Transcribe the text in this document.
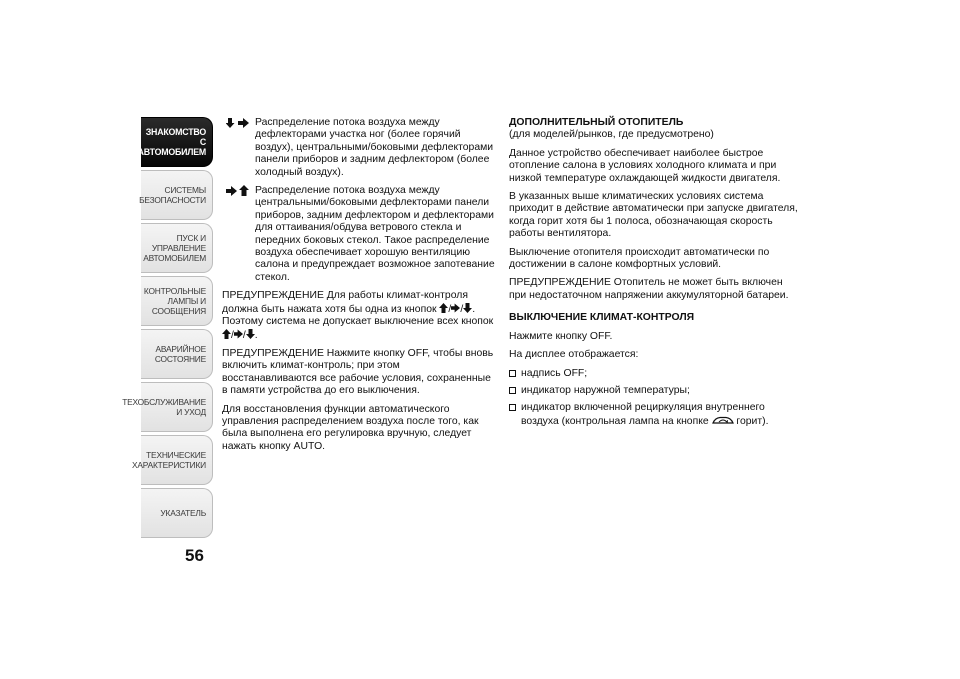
ЗНАКОМСТВО С
АВТОМОБИЛЕМ
СИСТЕМЫ
БЕЗОПАСНОСТИ
ПУСК И УПРАВЛЕНИЕ
АВТОМОБИЛЕМ
КОНТРОЛЬНЫЕ
ЛАМПЫ И
СООБЩЕНИЯ
АВАРИЙНОЕ
СОСТОЯНИЕ
ТЕХОБСЛУЖИВАНИЕ
И УХОД
ТЕХНИЧЕСКИЕ
ХАРАКТЕРИСТИКИ
УКАЗАТЕЛЬ
56
Распределение потока воздуха между дефлекторами участка ног (более горячий воздух), центральными/боковыми дефлекторами панели приборов и задним дефлектором (более холодный воздух).
Распределение потока воздуха между центральными/боковыми дефлекторами панели приборов, задним дефлектором и дефлекторами для оттаивания/обдува ветрового стекла и передних боковых стекол. Такое распределение воздуха обеспечивает хорошую вентиляцию салона и предупреждает возможное запотевание стекол.

ПРЕДУПРЕЖДЕНИЕ Для работы климат-контроля должна быть нажата хотя бы одна из кнопок / / . Поэтому система не допускает выключение всех кнопок / / .

ПРЕДУПРЕЖДЕНИЕ Нажмите кнопку OFF, чтобы вновь включить климат-контроль; при этом восстанавливаются все рабочие условия, сохраненные в памяти устройства до его выключения.

Для восстановления функции автоматического управления распределением воздуха после того, как была выполнена его регулировка вручную, следует нажать кнопку AUTO.

ДОПОЛНИТЕЛЬНЫЙ ОТОПИТЕЛЬ

(для моделей/рынков, где предусмотрено)

Данное устройство обеспечивает наиболее быстрое отопление салона в условиях холодного климата и при низкой температуре охлаждающей жидкости двигателя.

В указанных выше климатических условиях система приходит в действие автоматически при запуске двигателя, когда горит хотя бы 1 полоса, обозначающая скорость работы вентилятора.

Выключение отопителя происходит автоматически по достижении в салоне комфортных условий.

ПРЕДУПРЕЖДЕНИЕ Отопитель не может быть включен при недостаточном напряжении аккумуляторной батареи.

ВЫКЛЮЧЕНИЕ КЛИМАТ-КОНТРОЛЯ

Нажмите кнопку OFF.

На дисплее отображается:

надпись OFF;
индикатор наружной температуры;
индикатор включенной рециркуляция внутреннего воздуха (контрольная лампа на кнопке  горит).
